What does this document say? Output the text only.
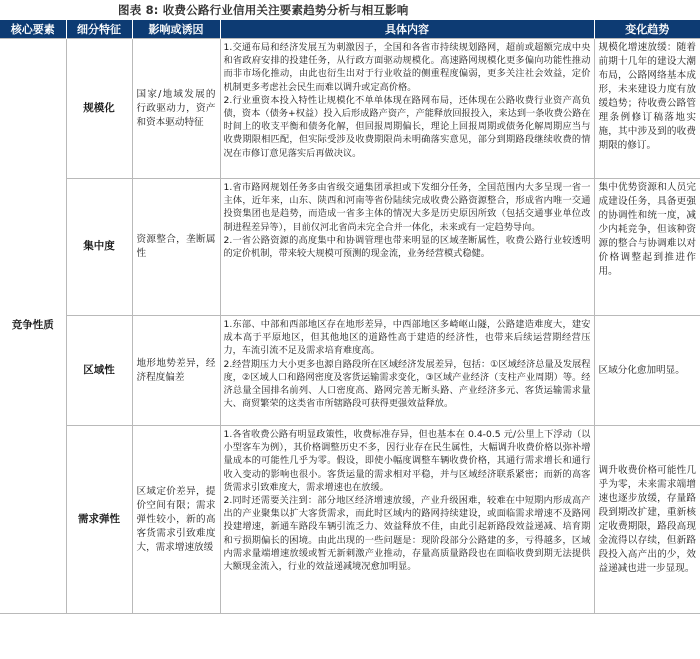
图表 8: 收费公路行业信用关注要素趋势分析与相互影响
核心要素	细分特征	影响或诱因	具体内容	变化趋势
竞争性质	规模化	国家/地域发展的行政驱动力，资产和资本驱动特征	1.交通布局和经济发展互为刺激因子，全国和各省市持续规划路网，超前或超额完成中央和省政府安排的投建任务，从行政方面驱动规模化。高速路网规模化更多偏向功能性推动而非市场化推动，由此也衍生出对于行业收益的侧重程度偏弱，更多关注社会效益，定价机制更多考虑社会民生而难以调升或定高价格。
2.行业重资本投入特性让规模化不单单体现在路网布局，还体现在公路收费行业资产高负债，资本（债务+权益）投入后形成路产资产，产能释放回报投入，来达到一条收费公路在时间上的收支平衡和债务化解，但回报周期偏长，理论上回报周期或债务化解周期应当与收费期限相匹配，但实际受涉及收费期限尚未明确落实意见，部分到期路段继续收费的情况在市修订意见落实后再做决议。	规模化增速放缓：随着前期十几年的建设大潮布局，公路网络基本成形，未来建设力度有放缓趋势；待收费公路管理条例修订稿落地实施，其中涉及到的收费期限的修订。
	集中度	资源整合，垄断属性	1.省市路网规划任务多由省级交通集团承担或下发细分任务，全国范围内大多呈现一省一主体，近年来，山东、陕西和河南等省份陆续完成收费公路资源整合，形成省内唯一交通投资集团也是趋势，而造成一省多主体的情况大多是历史原因所致（包括交通事业单位改制进程差异等），目前仅河北省尚未完全合并一体化，未来或有一定趋势导向。
2.一省公路资源的高度集中和协调管理也带来明显的区域垄断属性，收费公路行业较透明的定价机制，带来较大规模可预测的现金流，业务经营模式稳健。	集中优势资源和人员完成建设任务，具备更强的协调性和统一度，减少内耗竞争，但该种资源的整合与协调难以对价格调整起到推进作用。
	区域性	地形地势差异，经济程度偏差	1.东部、中部和西部地区存在地形差异，中西部地区多崎岖山隧，公路建造难度大，建安成本高于平原地区，但其他地区的道路性高于建造的经济性，也带来后续运营期经营压力，车流引流不足及需求培育难度高。
2.经营期压力大小更多也源自路段所在区域经济发展差异，包括：①区域经济总量及发展程度，②区域人口和路网密度及客货运输需求变化，③区域产业经济（支柱产业周期）等。经济总量全国排名前列、人口密度高、路网完善无断头路、产业经济多元、客货运输需求量大、商贸繁荣的这类省市所辖路段可获得更强效益释放。	区域分化愈加明显。
	需求弹性	区域定价差异，提价空间有限；需求弹性较小，新的高客货需求引致难度大，需求增速放缓	1.各省收费公路有明显政策性，收费标准存异，但也基本在 0.4-0.5 元/公里上下浮动（以小型客车为例），其价格调整历史不多，因行业存在民生属性，大幅调升收费价格以弥补增量成本的可能性几乎为零。假设，即使小幅度调整车辆收费价格，其通行需求增长和通行收入变动的影响也很小。客货运量的需求相对平稳，并与区域经济联系紧密；而新的高客货需求引致难度大，需求增速也在放缓。
2.同时还需要关注到：部分地区经济增速放缓，产业升级困难，较难在中短期内形成高产出的产业聚集以扩大客货需求，而此时区域内的路网持续建设，或面临需求增速不及路网投建增速，新通车路段车辆引流乏力、效益释放不佳，由此引起新路段效益递减、培育期和亏损期偏长的困境。由此出现的一些问题是：现阶段部分公路建的多，亏得越多，区域内需求量端增速放缓或暂无新刺激产业推动，存量高质量路段也在面临收费到期无法提供大额现金流入，行业的效益递减境况愈加明显。	调升收费价格可能性几乎为零，未来需求端增速也逐步放缓，存量路段到期改扩建，重新核定收费期限，路段高现金流得以存续，但新路段投入高产出的少，效益递减也进一步显现。
